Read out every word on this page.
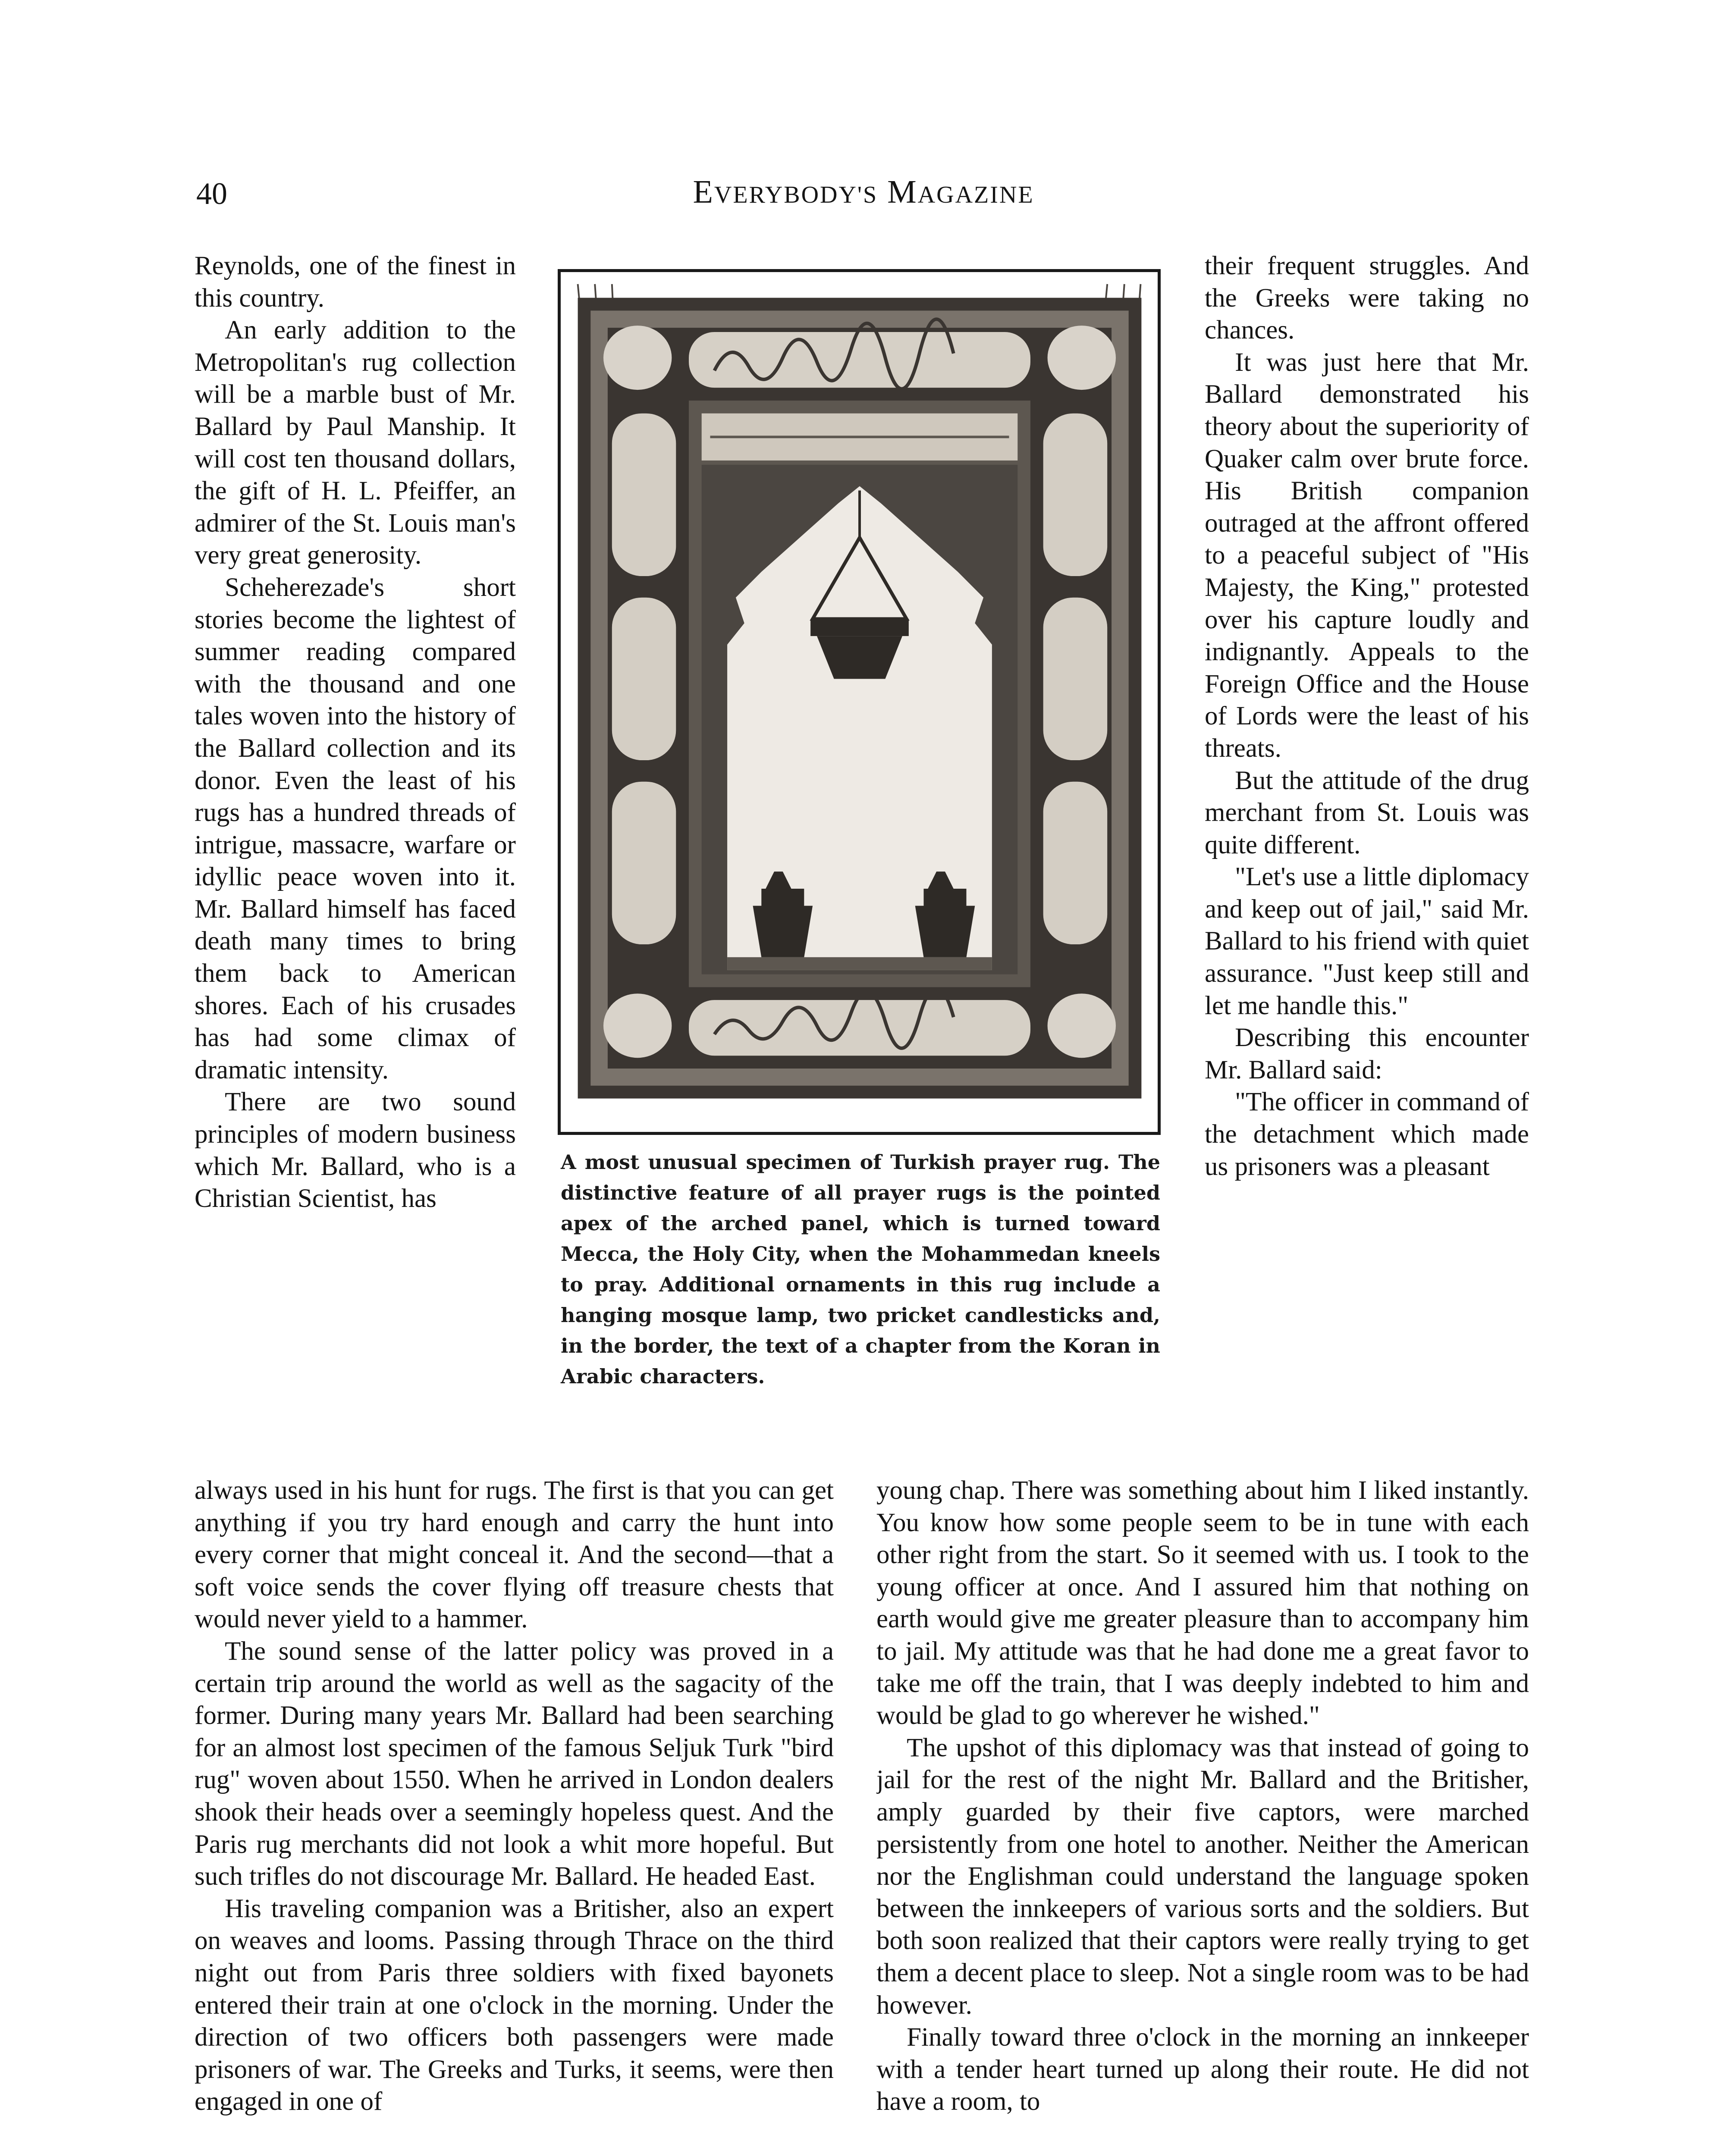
40	EVERYBODY'S MAGAZINE

Reynolds, one of the finest in this country.

An early addition to the Metropolitan's rug collection will be a marble bust of Mr. Ballard by Paul Manship. It will cost ten thousand dollars, the gift of H. L. Pfeiffer, an admirer of the St. Louis man's very great generosity.

Scheherezade's short stories become the lightest of summer reading compared with the thousand and one tales woven into the history of the Ballard collection and its donor. Even the least of his rugs has a hundred threads of intrigue, massacre, warfare or idyllic peace woven into it. Mr. Ballard himself has faced death many times to bring them back to American shores. Each of his crusades has had some climax of dramatic intensity.

There are two sound principles of modern business which Mr. Ballard, who is a Christian Scientist, has

A most unusual specimen of Turkish prayer rug. The distinctive feature of all prayer rugs is the pointed apex of the arched panel, which is turned toward Mecca, the Holy City, when the Mohammedan kneels to pray. Additional ornaments in this rug include a hanging mosque lamp, two pricket candlesticks and, in the border, the text of a chapter from the Koran in Arabic characters.

their frequent struggles. And the Greeks were taking no chances.

It was just here that Mr. Ballard demonstrated his theory about the superiority of Quaker calm over brute force. His British companion outraged at the affront offered to a peaceful subject of "His Majesty, the King," protested over his capture loudly and indignantly. Appeals to the Foreign Office and the House of Lords were the least of his threats.

But the attitude of the drug merchant from St. Louis was quite different.

"Let's use a little diplomacy and keep out of jail," said Mr. Ballard to his friend with quiet assurance. "Just keep still and let me handle this."

Describing this encounter Mr. Ballard said:

"The officer in command of the detachment which made us prisoners was a pleasant

always used in his hunt for rugs. The first is that you can get anything if you try hard enough and carry the hunt into every corner that might conceal it. And the second—that a soft voice sends the cover flying off treasure chests that would never yield to a hammer.

The sound sense of the latter policy was proved in a certain trip around the world as well as the sagacity of the former. During many years Mr. Ballard had been searching for an almost lost specimen of the famous Seljuk Turk "bird rug" woven about 1550. When he arrived in London dealers shook their heads over a seemingly hopeless quest. And the Paris rug merchants did not look a whit more hopeful. But such trifles do not discourage Mr. Ballard. He headed East.

His traveling companion was a Britisher, also an expert on weaves and looms. Passing through Thrace on the third night out from Paris three soldiers with fixed bayonets entered their train at one o'clock in the morning. Under the direction of two officers both passengers were made prisoners of war. The Greeks and Turks, it seems, were then engaged in one of

young chap. There was something about him I liked instantly. You know how some people seem to be in tune with each other right from the start. So it seemed with us. I took to the young officer at once. And I assured him that nothing on earth would give me greater pleasure than to accompany him to jail. My attitude was that he had done me a great favor to take me off the train, that I was deeply indebted to him and would be glad to go wherever he wished."

The upshot of this diplomacy was that instead of going to jail for the rest of the night Mr. Ballard and the Britisher, amply guarded by their five captors, were marched persistently from one hotel to another. Neither the American nor the Englishman could understand the language spoken between the innkeepers of various sorts and the soldiers. But both soon realized that their captors were really trying to get them a decent place to sleep. Not a single room was to be had however.

Finally toward three o'clock in the morning an innkeeper with a tender heart turned up along their route. He did not have a room, to
